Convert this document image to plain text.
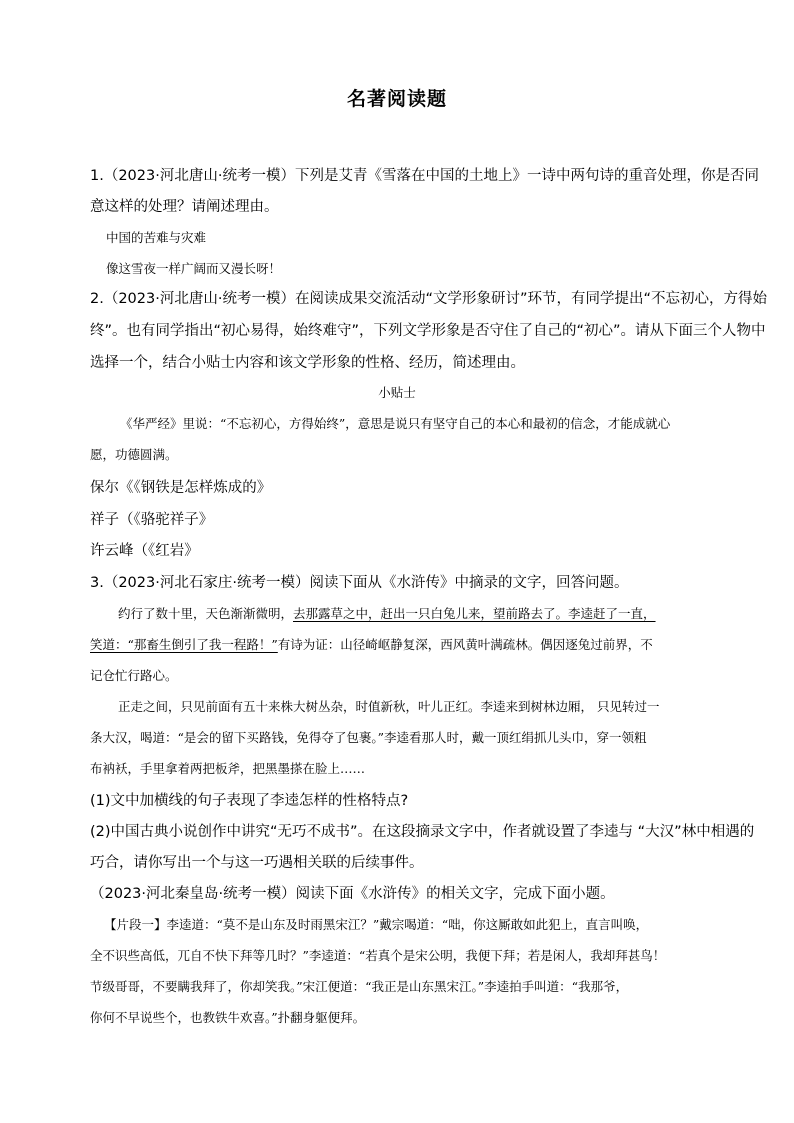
名著阅读题
1.（2023·河北唐山·统考一模）下列是艾青《雪落在中国的土地上》一诗中两句诗的重音处理，你是否同
意这样的处理？请阐述理由。
中国的苦难与灾难
像这雪夜一样广阔而又漫长呀！
2.（2023·河北唐山·统考一模）在阅读成果交流活动“文学形象研讨”环节，有同学提出“不忘初心，方得始
终”。也有同学指出“初心易得，始终难守”，下列文学形象是否守住了自己的“初心”。请从下面三个人物中
选择一个，结合小贴士内容和该文学形象的性格、经历，简述理由。
小贴士
《华严经》里说：“不忘初心，方得始终”，意思是说只有坚守自己的本心和最初的信念，才能成就心
愿，功德圆满。
保尔《《钢铁是怎样炼成的》
祥子（《骆驼祥子》
许云峰（《红岩》
3.（2023·河北石家庄·统考一模）阅读下面从《水浒传》中摘录的文字，回答问题。
约行了数十里，天色渐渐微明，去那露草之中，赶出一只白兔儿来，望前路去了。李逵赶了一直，
笑道：“那畜生倒引了我一程路！”有诗为证：山径崎岖静复深，西风黄叶满疏林。偶因逐兔过前界，不
记仓忙行路心。
正走之间，只见前面有五十来株大树丛杂，时值新秋，叶儿正红。李逵来到树林边厢， 只见转过一
条大汉，喝道：“是会的留下买路钱，免得夺了包裹。”李逵看那人时，戴一顶红绢抓儿头巾，穿一领粗
布衲袄，手里拿着两把板斧，把黑墨搽在脸上……
(1)文中加横线的句子表现了李逵怎样的性格特点?
(2)中国古典小说创作中讲究“无巧不成书”。在这段摘录文字中，作者就设置了李逵与 “大汉”林中相遇的
巧合，请你写出一个与这一巧遇相关联的后续事件。
（2023·河北秦皇岛·统考一模）阅读下面《水浒传》的相关文字，完成下面小题。
【片段一】李逵道：“莫不是山东及时雨黑宋江？”戴宗喝道：“咄，你这厮敢如此犯上，直言叫唤，
全不识些高低，兀自不快下拜等几时？”李逵道：“若真个是宋公明，我便下拜；若是闲人，我却拜甚鸟！
节级哥哥，不要瞒我拜了，你却笑我。”宋江便道：“我正是山东黑宋江。”李逵拍手叫道：“我那爷，
你何不早说些个，也教铁牛欢喜。”扑翻身躯便拜。
